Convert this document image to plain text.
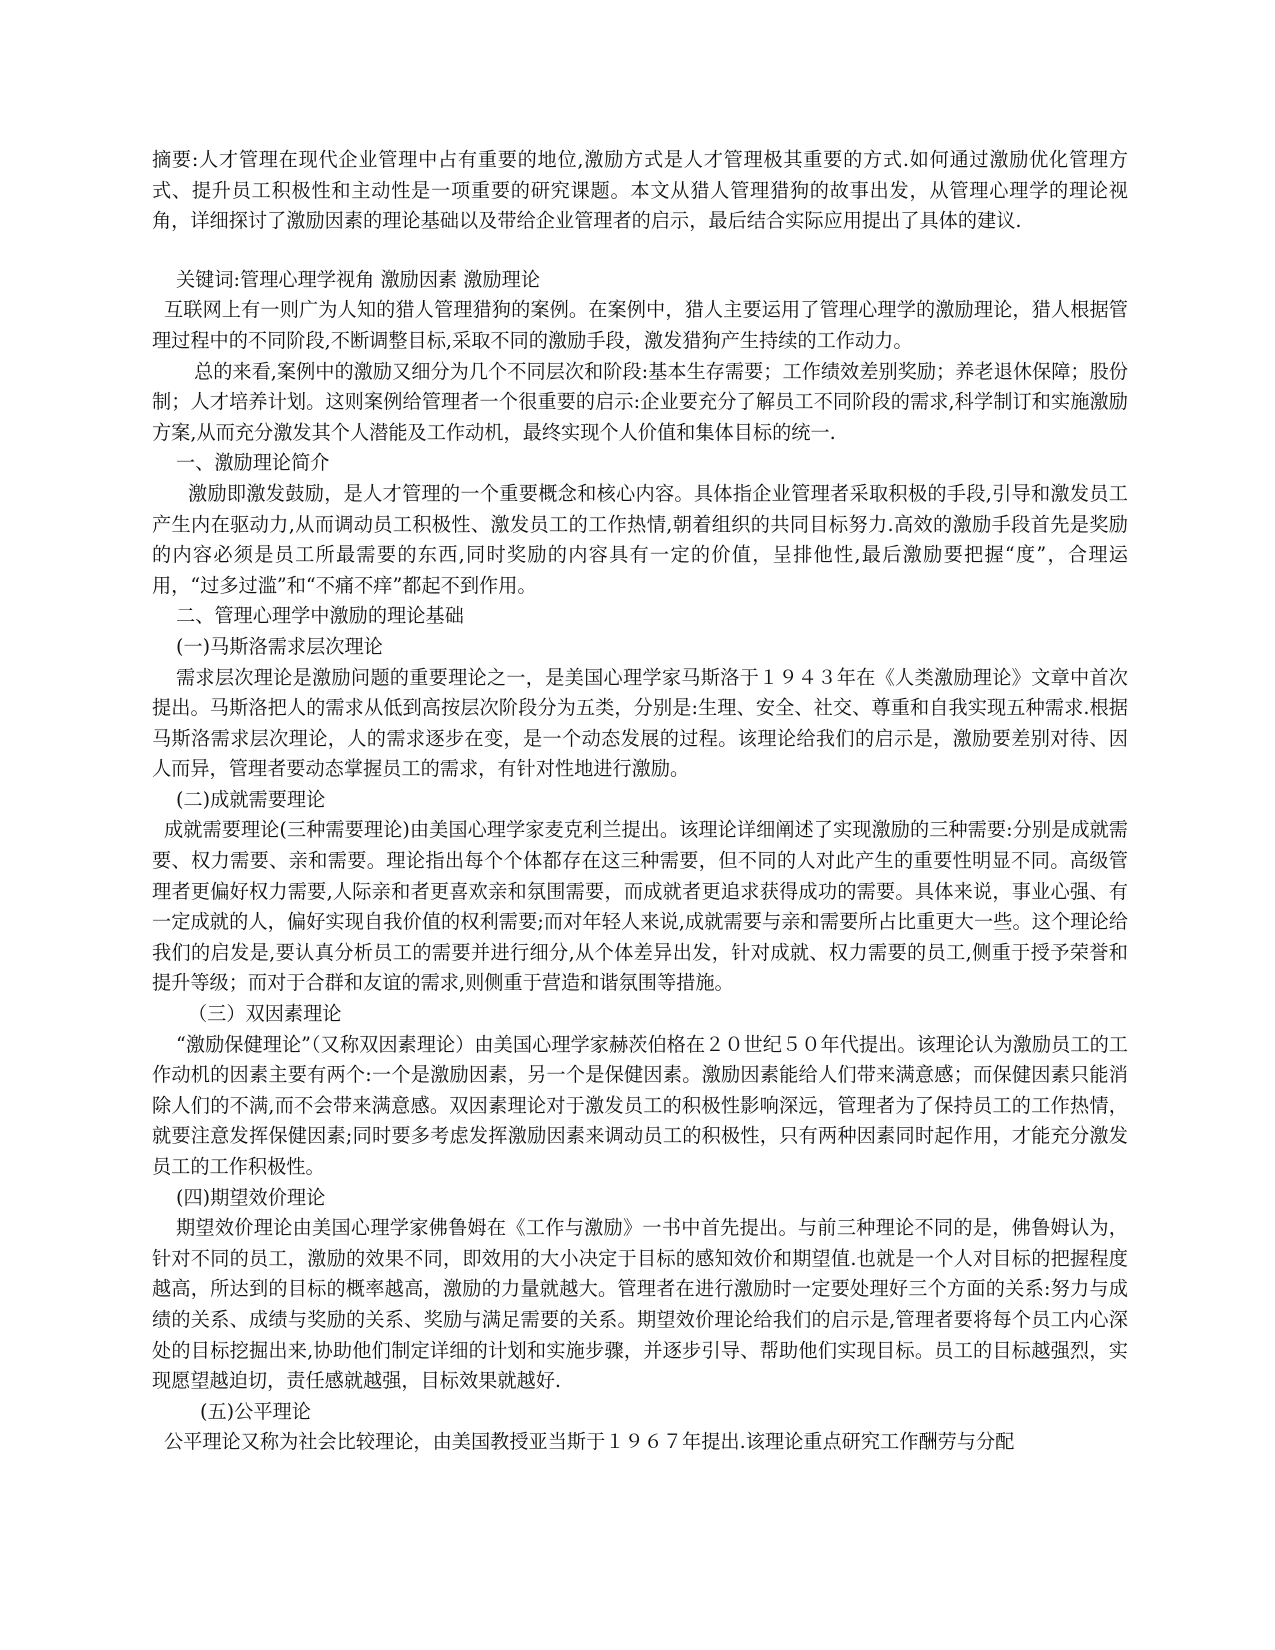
摘要:人才管理在现代企业管理中占有重要的地位,激励方式是人才管理极其重要的方式.如何通过激励优化管理方式、提升员工积极性和主动性是一项重要的研究课题。本文从猎人管理猎狗的故事出发，从管理心理学的理论视角，详细探讨了激励因素的理论基础以及带给企业管理者的启示，最后结合实际应用提出了具体的建议.

关键词:管理心理学视角 激励因素 激励理论

互联网上有一则广为人知的猎人管理猎狗的案例。在案例中，猎人主要运用了管理心理学的激励理论，猎人根据管理过程中的不同阶段,不断调整目标,采取不同的激励手段，激发猎狗产生持续的工作动力。

总的来看,案例中的激励又细分为几个不同层次和阶段:基本生存需要；工作绩效差别奖励；养老退休保障；股份制；人才培养计划。这则案例给管理者一个很重要的启示:企业要充分了解员工不同阶段的需求,科学制订和实施激励方案,从而充分激发其个人潜能及工作动机，最终实现个人价值和集体目标的统一.

一、激励理论简介

激励即激发鼓励，是人才管理的一个重要概念和核心内容。具体指企业管理者采取积极的手段,引导和激发员工产生内在驱动力,从而调动员工积极性、激发员工的工作热情,朝着组织的共同目标努力.高效的激励手段首先是奖励的内容必须是员工所最需要的东西,同时奖励的内容具有一定的价值，呈排他性,最后激励要把握“度”，合理运用，“过多过滥”和“不痛不痒”都起不到作用。

二、管理心理学中激励的理论基础

(一)马斯洛需求层次理论

需求层次理论是激励问题的重要理论之一，是美国心理学家马斯洛于１９４３年在《人类激励理论》文章中首次提出。马斯洛把人的需求从低到高按层次阶段分为五类，分别是:生理、安全、社交、尊重和自我实现五种需求.根据马斯洛需求层次理论，人的需求逐步在变，是一个动态发展的过程。该理论给我们的启示是，激励要差别对待、因人而异，管理者要动态掌握员工的需求，有针对性地进行激励。

(二)成就需要理论

成就需要理论(三种需要理论)由美国心理学家麦克利兰提出。该理论详细阐述了实现激励的三种需要:分别是成就需要、权力需要、亲和需要。理论指出每个个体都存在这三种需要，但不同的人对此产生的重要性明显不同。高级管理者更偏好权力需要,人际亲和者更喜欢亲和氛围需要，而成就者更追求获得成功的需要。具体来说，事业心强、有一定成就的人，偏好实现自我价值的权利需要;而对年轻人来说,成就需要与亲和需要所占比重更大一些。这个理论给我们的启发是,要认真分析员工的需要并进行细分,从个体差异出发，针对成就、权力需要的员工,侧重于授予荣誉和提升等级；而对于合群和友谊的需求,则侧重于营造和谐氛围等措施。

（三）双因素理论

“激励保健理论”（又称双因素理论）由美国心理学家赫茨伯格在２０世纪５０年代提出。该理论认为激励员工的工作动机的因素主要有两个:一个是激励因素，另一个是保健因素。激励因素能给人们带来满意感；而保健因素只能消除人们的不满,而不会带来满意感。双因素理论对于激发员工的积极性影响深远，管理者为了保持员工的工作热情，就要注意发挥保健因素;同时要多考虑发挥激励因素来调动员工的积极性，只有两种因素同时起作用，才能充分激发员工的工作积极性。

(四)期望效价理论

期望效价理论由美国心理学家佛鲁姆在《工作与激励》一书中首先提出。与前三种理论不同的是，佛鲁姆认为，针对不同的员工，激励的效果不同，即效用的大小决定于目标的感知效价和期望值.也就是一个人对目标的把握程度越高，所达到的目标的概率越高，激励的力量就越大。管理者在进行激励时一定要处理好三个方面的关系:努力与成绩的关系、成绩与奖励的关系、奖励与满足需要的关系。期望效价理论给我们的启示是,管理者要将每个员工内心深处的目标挖掘出来,协助他们制定详细的计划和实施步骤，并逐步引导、帮助他们实现目标。员工的目标越强烈，实现愿望越迫切，责任感就越强，目标效果就越好.

(五)公平理论

公平理论又称为社会比较理论，由美国教授亚当斯于１９６７年提出.该理论重点研究工作酬劳与分配
